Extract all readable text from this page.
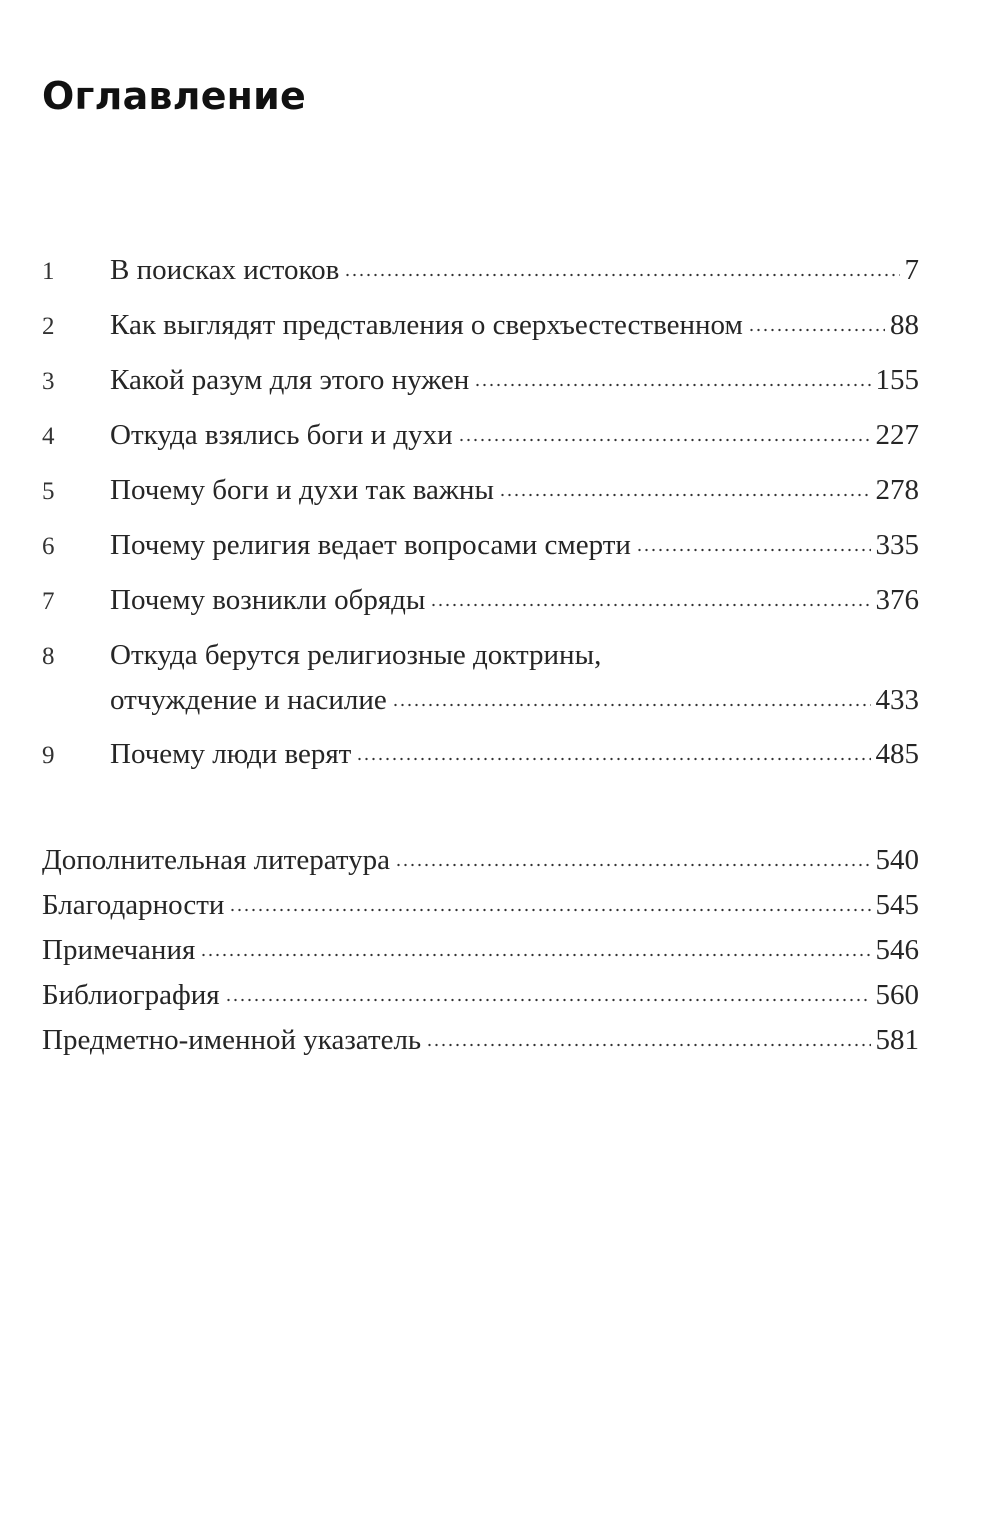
Оглавление
1	В поисках истоков	7
2	Как выглядят представления о сверхъестественном	88
3	Какой разум для этого нужен	155
4	Откуда взялись боги и духи	227
5	Почему боги и духи так важны	278
6	Почему религия ведает вопросами смерти	335
7	Почему возникли обряды	376
8	Откуда берутся религиозные доктрины,
отчуждение и насилие	433
9	Почему люди верят	485
Дополнительная литература	540
Благодарности	545
Примечания	546
Библиография	560
Предметно-именной указатель	581
